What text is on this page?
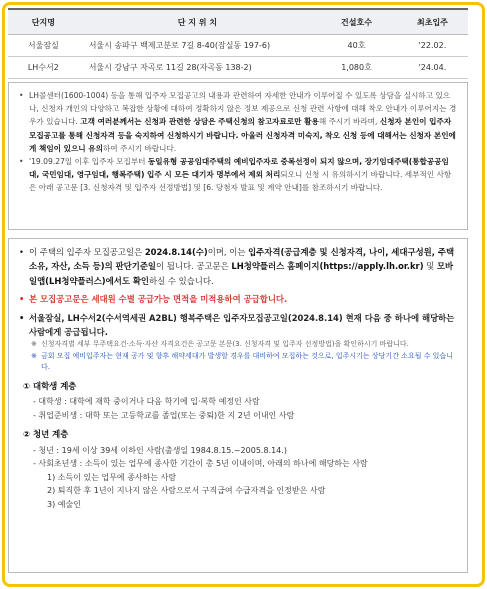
단지명	단 지 위 치	건설호수	최초입주
서울잠실	서울시 송파구 백제고분로 7길 8-40(잠실동 197-6)	40호	'22.02.
LH수서2	서울시 강남구 자곡로 11길 28(자곡동 138-2)	1,080호	'24.04.

• LH콜센터(1600-1004) 등을 통해 입주자 모집공고의 내용과 관련하여 자세한 안내가 이루어질 수 있도록 상담을 실시하고 있으나, 신청자 개인의 다양하고 복잡한 상황에 대하여 정확하지 않은 정보 제공으로 신청 관련 사항에 대해 착오 안내가 이루어지는 경우가 있습니다. 고객 여러분께서는 신청과 관련한 상담은 주택신청의 참고자료로만 활용해 주시기 바라며, 신청자 본인이 입주자 모집공고를 통해 신청자격 등을 숙지하여 신청하시기 바랍니다. 아울러 신청자격 미숙지, 착오 신청 등에 대해서는 신청자 본인에게 책임이 있으니 유의하여 주시기 바랍니다.

• '19.09.27일 이후 입주자 모집부터 동일유형 공공임대주택의 예비입주자로 중복선정이 되지 않으며, 장기임대주택(통합공공임대, 국민임대, 영구임대, 행복주택) 입주 시 모든 대기자 명부에서 제외 처리되오니 신청 시 유의하시기 바랍니다. 세부적인 사항은 아래 공고문 [3. 신청자격 및 입주자 선정방법] 및 [6. 당첨자 발표 및 계약 안내]를 참조하시기 바랍니다.

• 이 주택의 입주자 모집공고일은 2024.8.14(수)이며, 이는 입주자격(공급계층 및 신청자격, 나이, 세대구성원, 주택소유, 자산, 소득 등)의 판단기준일이 됩니다. 공고문은 LH청약플러스 홈페이지(https://apply.lh.or.kr) 및 모바일앱(LH청약플러스)에서도 확인하실 수 있습니다.

• 본 모집공고문은 세대원 수별 공급가능 면적을 미적용하여 공급합니다.

• 서울잠실, LH수서2(수서역세권 A2BL) 행복주택은 입주자모집공고일(2024.8.14) 현재 다음 중 하나에 해당하는 사람에게 공급됩니다.

※ 신청자격별 세부 무주택요건·소득·자산 자격요건은 공고문 본문(3. 신청자격 및 입주자 선정방법)을 확인하시기 바랍니다.

※ 금회 모집 예비입주자는 현재 공가 및 향후 해약세대가 발생할 경우를 대비하여 모집하는 것으로, 입주시기는 상당기간 소요될 수 있습니다.

① 대학생 계층

- 대학생 : 대학에 재학 중이거나 다음 학기에 입·복학 예정인 사람

- 취업준비생 : 대학 또는 고등학교를 졸업(또는 중퇴)한 지 2년 이내인 사람

② 청년 계층

- 청년 : 19세 이상 39세 이하인 사람(출생일 1984.8.15.~2005.8.14.)

- 사회초년생 : 소득이 있는 업무에 종사한 기간이 총 5년 이내이며, 아래의 하나에 해당하는 사람

1) 소득이 있는 업무에 종사하는 사람

2) 퇴직한 후 1년이 지나지 않은 사람으로서 구직급여 수급자격을 인정받은 사람

3) 예술인
